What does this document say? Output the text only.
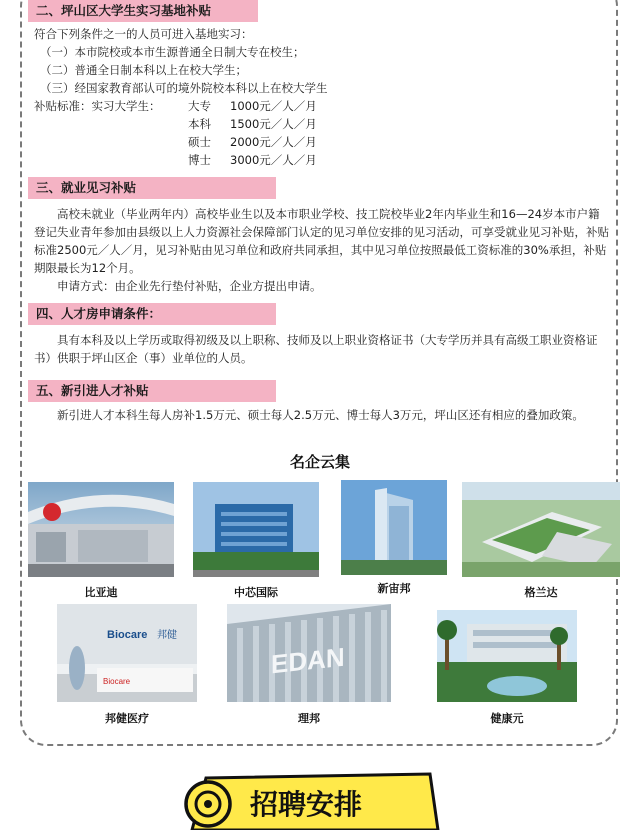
二、坪山区大学生实习基地补贴
符合下列条件之一的人员可进入基地实习：
（一）本市院校或本市生源普通全日制大专在校生；
（二）普通全日制本科以上在校大学生；
（三）经国家教育部认可的境外院校本科以上在校大学生
补贴标准：实习大学生： 大专 1000元／人／月
本科 1500元／人／月
硕士 2000元／人／月
博士 3000元／人／月
三、就业见习补贴

高校未就业（毕业两年内）高校毕业生以及本市职业学校、技工院校毕业2年内毕业生和16—24岁本市户籍登记失业青年参加由县级以上人力资源社会保障部门认定的见习单位安排的见习活动，可享受就业见习补贴，补贴标准2500元／人／月，见习补贴由见习单位和政府共同承担，其中见习单位按照最低工资标准的30%承担，补贴期限最长为12个月。

申请方式：由企业先行垫付补贴，企业方提出申请。

四、人才房申请条件：

具有本科及以上学历或取得初级及以上职称、技师及以上职业资格证书（大专学历并具有高级工职业资格证书）供职于坪山区企（事）业单位的人员。

五、新引进人才补贴

新引进人才本科生每人房补1.5万元、硕士每人2.5万元、博士每人3万元，坪山区还有相应的叠加政策。

名企云集
比亚迪	中芯国际	新宙邦	格兰达
Biocare 邦健
Biocare
EDAN
邦健医疗	理邦	健康元
招聘安排
